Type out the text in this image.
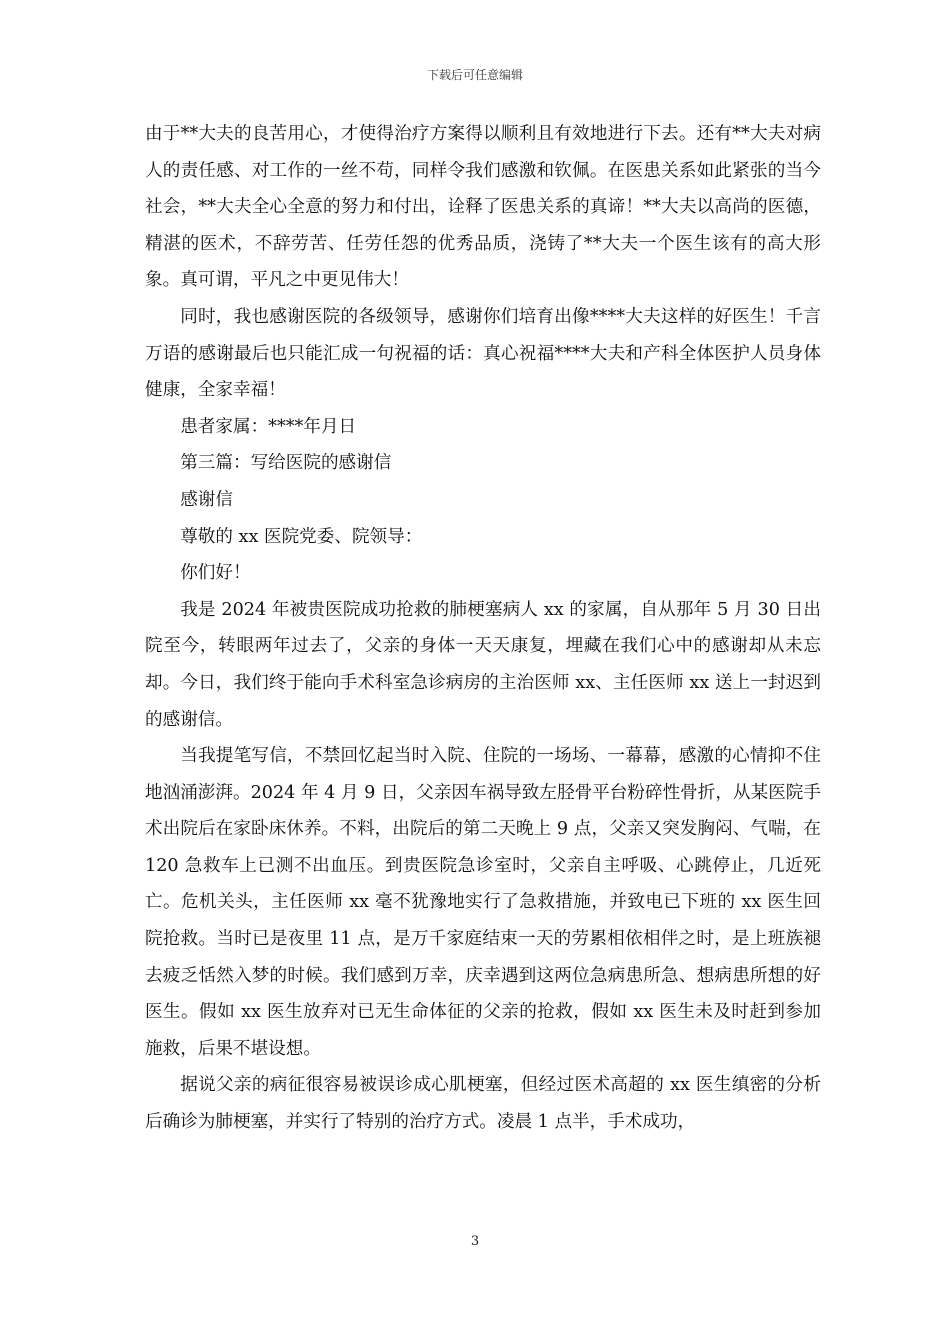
下载后可任意编辑

由于**大夫的良苦用心，才使得治疗方案得以顺利且有效地进行下去。还有**大夫对病人的责任感、对工作的一丝不苟，同样令我们感激和钦佩。在医患关系如此紧张的当今社会，**大夫全心全意的努力和付出，诠释了医患关系的真谛！**大夫以高尚的医德，精湛的医术，不辞劳苦、任劳任怨的优秀品质，浇铸了**大夫一个医生该有的高大形象。真可谓，平凡之中更见伟大！

同时，我也感谢医院的各级领导，感谢你们培育出像****大夫这样的好医生！千言万语的感谢最后也只能汇成一句祝福的话：真心祝福****大夫和产科全体医护人员身体健康，全家幸福！

患者家属：****年月日

第三篇：写给医院的感谢信

感谢信

尊敬的 xx 医院党委、院领导：

你们好！

我是 2024 年被贵医院成功抢救的肺梗塞病人 xx 的家属，自从那年 5 月 30 日出院至今，转眼两年过去了，父亲的身体一天天康复，埋藏在我们心中的感谢却从未忘却。今日，我们终于能向手术科室急诊病房的主治医师 xx、主任医师 xx 送上一封迟到的感谢信。

当我提笔写信，不禁回忆起当时入院、住院的一场场、一幕幕，感激的心情抑不住地汹涌澎湃。2024 年 4 月 9 日，父亲因车祸导致左胫骨平台粉碎性骨折，从某医院手术出院后在家卧床休养。不料，出院后的第二天晚上 9 点，父亲又突发胸闷、气喘，在 120 急救车上已测不出血压。到贵医院急诊室时，父亲自主呼吸、心跳停止，几近死亡。危机关头，主任医师 xx 毫不犹豫地实行了急救措施，并致电已下班的 xx 医生回院抢救。当时已是夜里 11 点，是万千家庭结束一天的劳累相依相伴之时，是上班族褪去疲乏恬然入梦的时候。我们感到万幸，庆幸遇到这两位急病患所急、想病患所想的好医生。假如 xx 医生放弃对已无生命体征的父亲的抢救，假如 xx 医生未及时赶到参加施救，后果不堪设想。

据说父亲的病征很容易被误诊成心肌梗塞，但经过医术高超的 xx 医生缜密的分析后确诊为肺梗塞，并实行了特别的治疗方式。凌晨 1 点半，手术成功，

3
